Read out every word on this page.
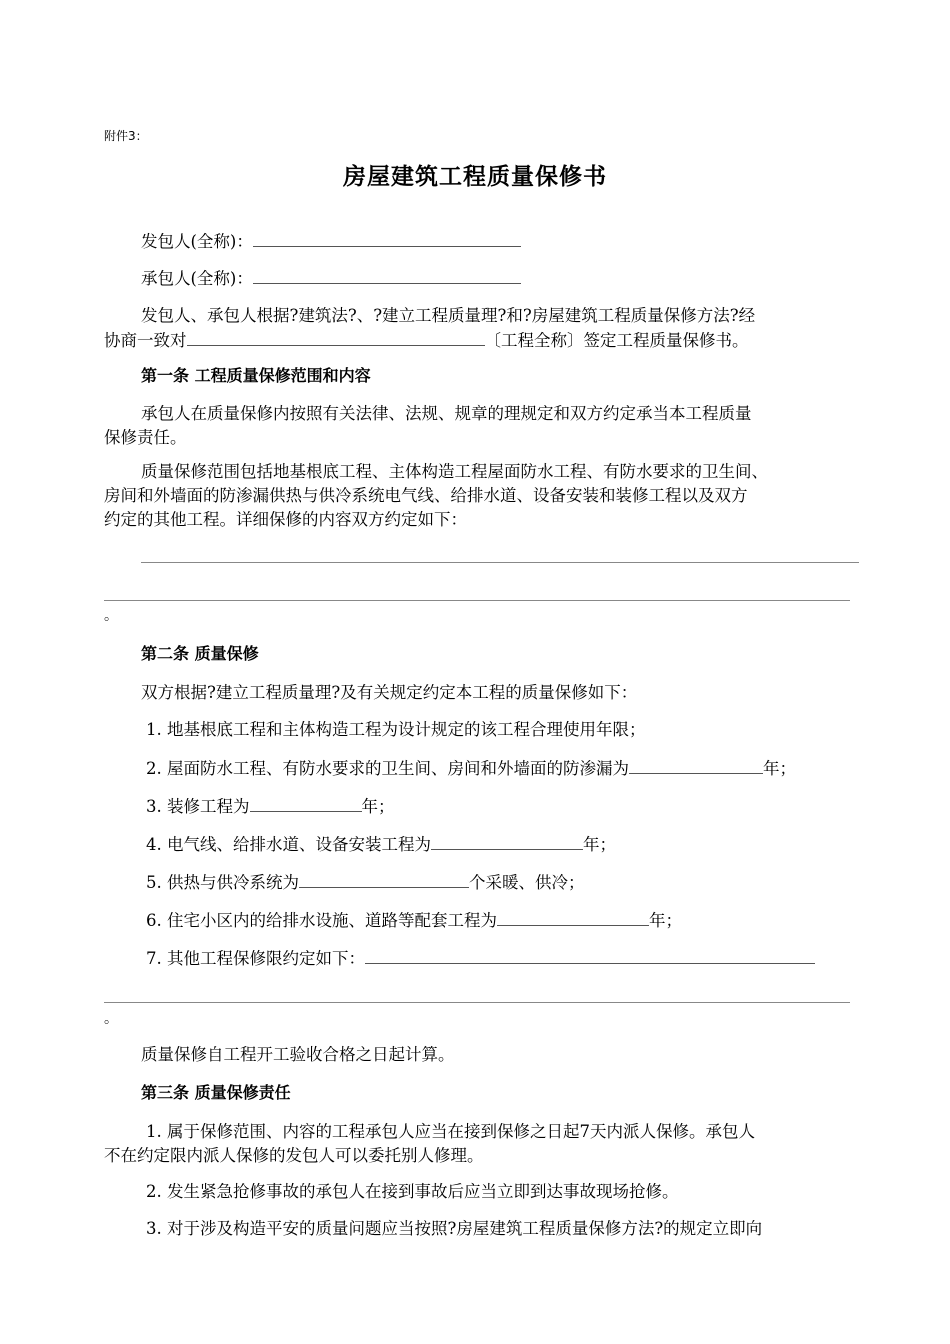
附件3：
房屋建筑工程质量保修书
发包人(全称)：
承包人(全称)：
发包人、承包人根据?建筑法?、?建立工程质量理?和?房屋建筑工程质量保修方法?经
协商一致对	〔工程全称〕签定工程质量保修书。
第一条 工程质量保修范围和内容
承包人在质量保修内按照有关法律、法规、规章的理规定和双方约定承当本工程质量
保修责任。
质量保修范围包括地基根底工程、主体构造工程屋面防水工程、有防水要求的卫生间、
房间和外墙面的防渗漏供热与供冷系统电气线、给排水道、设备安装和装修工程以及双方
约定的其他工程。详细保修的内容双方约定如下：
。
第二条 质量保修
双方根据?建立工程质量理?及有关规定约定本工程的质量保修如下：
1. 地基根底工程和主体构造工程为设计规定的该工程合理使用年限；
2. 屋面防水工程、有防水要求的卫生间、房间和外墙面的防渗漏为	年；
3. 装修工程为	年；
4. 电气线、给排水道、设备安装工程为	年；
5. 供热与供冷系统为	个采暖、供冷；
6. 住宅小区内的给排水设施、道路等配套工程为	年；
7. 其他工程保修限约定如下：
。
质量保修自工程开工验收合格之日起计算。
第三条 质量保修责任
1. 属于保修范围、内容的工程承包人应当在接到保修之日起7天内派人保修。承包人
不在约定限内派人保修的发包人可以委托别人修理。
2. 发生紧急抢修事故的承包人在接到事故后应当立即到达事故现场抢修。
3. 对于涉及构造平安的质量问题应当按照?房屋建筑工程质量保修方法?的规定立即向
